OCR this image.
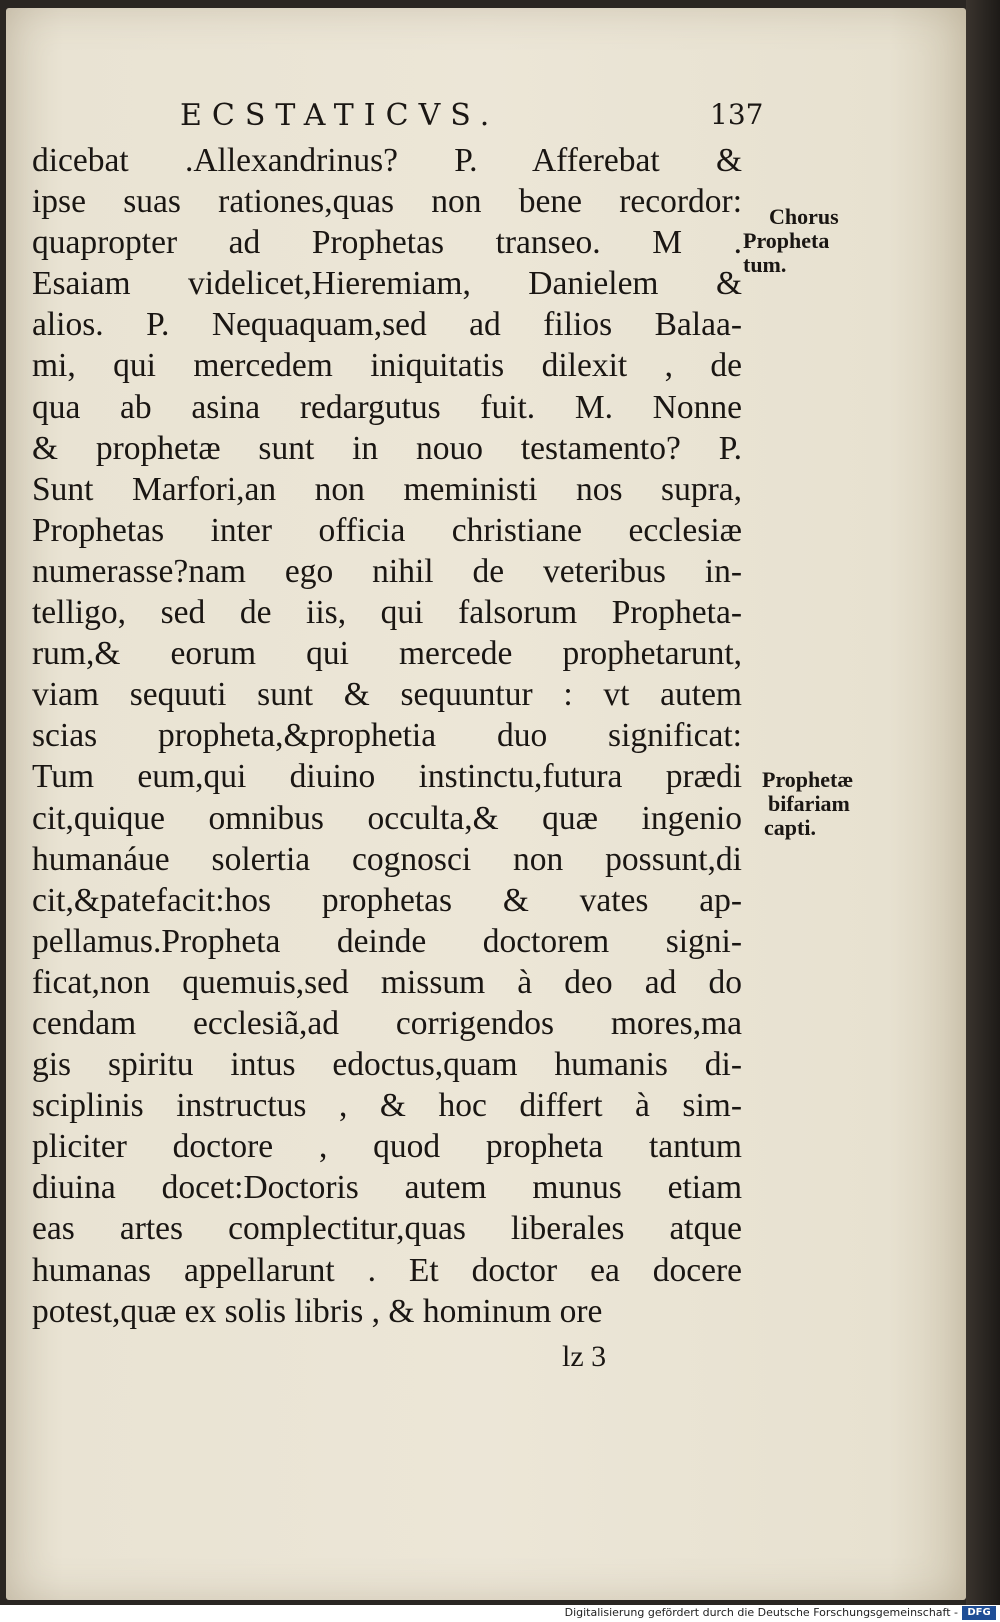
ECSTATICVS.	137
dicebat .Allexandrinus? P. Afferebat &
ipse suas rationes,quas non bene recordor:
quapropter ad Prophetas transeo. M .
Esaiam videlicet,Hieremiam, Danielem &
alios. P. Nequaquam,sed ad filios Balaa-
mi, qui mercedem iniquitatis dilexit , de
qua ab asina redargutus fuit. M. Nonne
& prophetæ sunt in nouo testamento? P.
Sunt Marfori,an non meministi nos supra,
Prophetas inter officia christiane ecclesiæ
numerasse?nam ego nihil de veteribus in-
telligo, sed de iis, qui falsorum Propheta-
rum,& eorum qui mercede prophetarunt,
viam sequuti sunt & sequuntur : vt autem
scias propheta,&prophetia duo significat:
Tum eum,qui diuino instinctu,futura prædi
cit,quique omnibus occulta,& quæ ingenio
humanáue solertia cognosci non possunt,di
cit,&patefacit:hos prophetas & vates ap-
pellamus.Propheta deinde doctorem signi-
ficat,non quemuis,sed missum à deo ad do
cendam ecclesiã,ad corrigendos mores,ma
gis spiritu intus edoctus,quam humanis di-
sciplinis instructus , & hoc differt à sim-
pliciter doctore , quod propheta tantum
diuina docet:Doctoris autem munus etiam
eas artes complectitur,quas liberales atque
humanas appellarunt . Et doctor ea docere
potest,quæ ex solis libris , & hominum ore
Chorus
Propheta
tum.
Prophetæ
bifariam
capti.
lz 3
Digitalisierung gefördert durch die Deutsche Forschungsgemeinschaft - DFG
